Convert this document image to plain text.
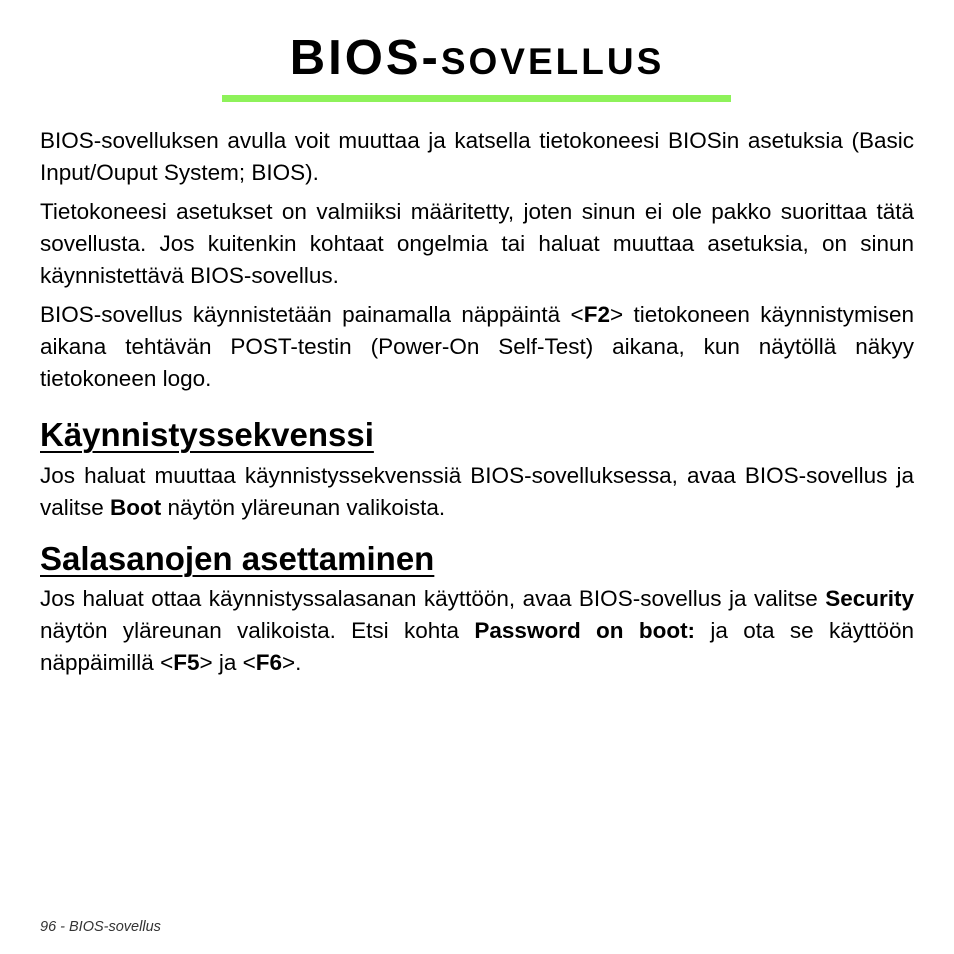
BIOS-SOVELLUS

BIOS-sovelluksen avulla voit muuttaa ja katsella tietokoneesi BIOSin asetuksia (Basic Input/Ouput System; BIOS).

Tietokoneesi asetukset on valmiiksi määritetty, joten sinun ei ole pakko suorittaa tätä sovellusta. Jos kuitenkin kohtaat ongelmia tai haluat muuttaa asetuksia, on sinun käynnistettävä BIOS-sovellus.

BIOS-sovellus käynnistetään painamalla näppäintä <F2> tietokoneen käynnistymisen aikana tehtävän POST-testin (Power-On Self-Test) aikana, kun näytöllä näkyy tietokoneen logo.

Käynnistyssekvenssi

Jos haluat muuttaa käynnistyssekvenssiä BIOS-sovelluksessa, avaa BIOS-sovellus ja valitse Boot näytön yläreunan valikoista.

Salasanojen asettaminen

Jos haluat ottaa käynnistyssalasanan käyttöön, avaa BIOS-sovellus ja valitse Security näytön yläreunan valikoista. Etsi kohta Password on boot: ja ota se käyttöön näppäimillä <F5> ja <F6>.

96 - BIOS-sovellus
